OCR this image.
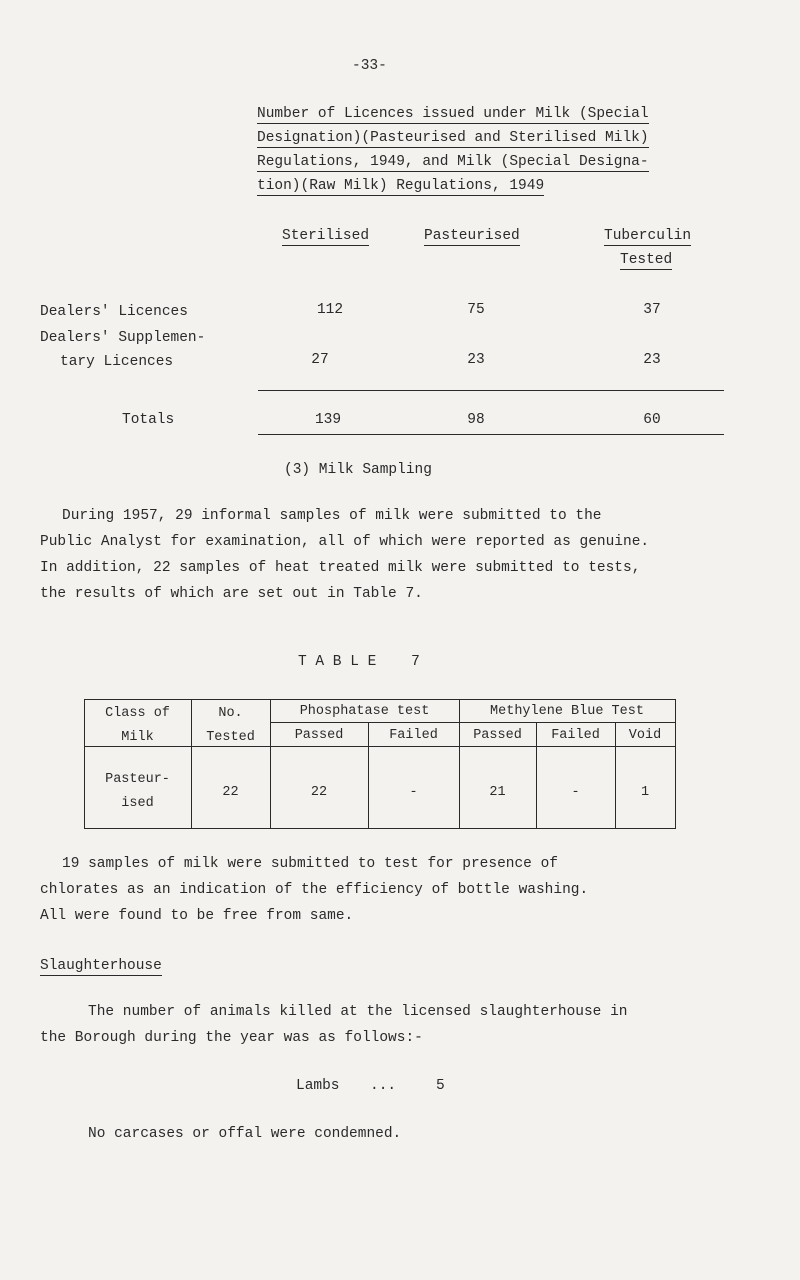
-33-
Number of Licences issued under Milk (Special
Designation)(Pasteurised and Sterilised Milk)
Regulations, 1949, and Milk (Special Designa-
tion)(Raw Milk) Regulations, 1949
Sterilised	Pasteurised	Tuberculin
Tested
Dealers' Licences	112	75	37
Dealers' Supplemen-
tary Licences	27	23	23
Totals	139	98	60
(3) Milk Sampling
During 1957, 29 informal samples of milk were submitted to the
Public Analyst for examination, all of which were reported as genuine.
In addition, 22 samples of heat treated milk were submitted to tests,
the results of which are set out in Table 7.
T A B L E    7
Class of
Milk
No.
Tested
Phosphatase test	Methylene Blue Test
Passed	Failed	Passed	Failed	Void
Pasteur-
ised
22	22	-	21	-	1
19 samples of milk were submitted to test for presence of
chlorates as an indication of the efficiency of bottle washing.
All were found to be free from same.
Slaughterhouse
The number of animals killed at the licensed slaughterhouse in
the Borough during the year was as follows:-
Lambs ...	5
No carcases or offal were condemned.
